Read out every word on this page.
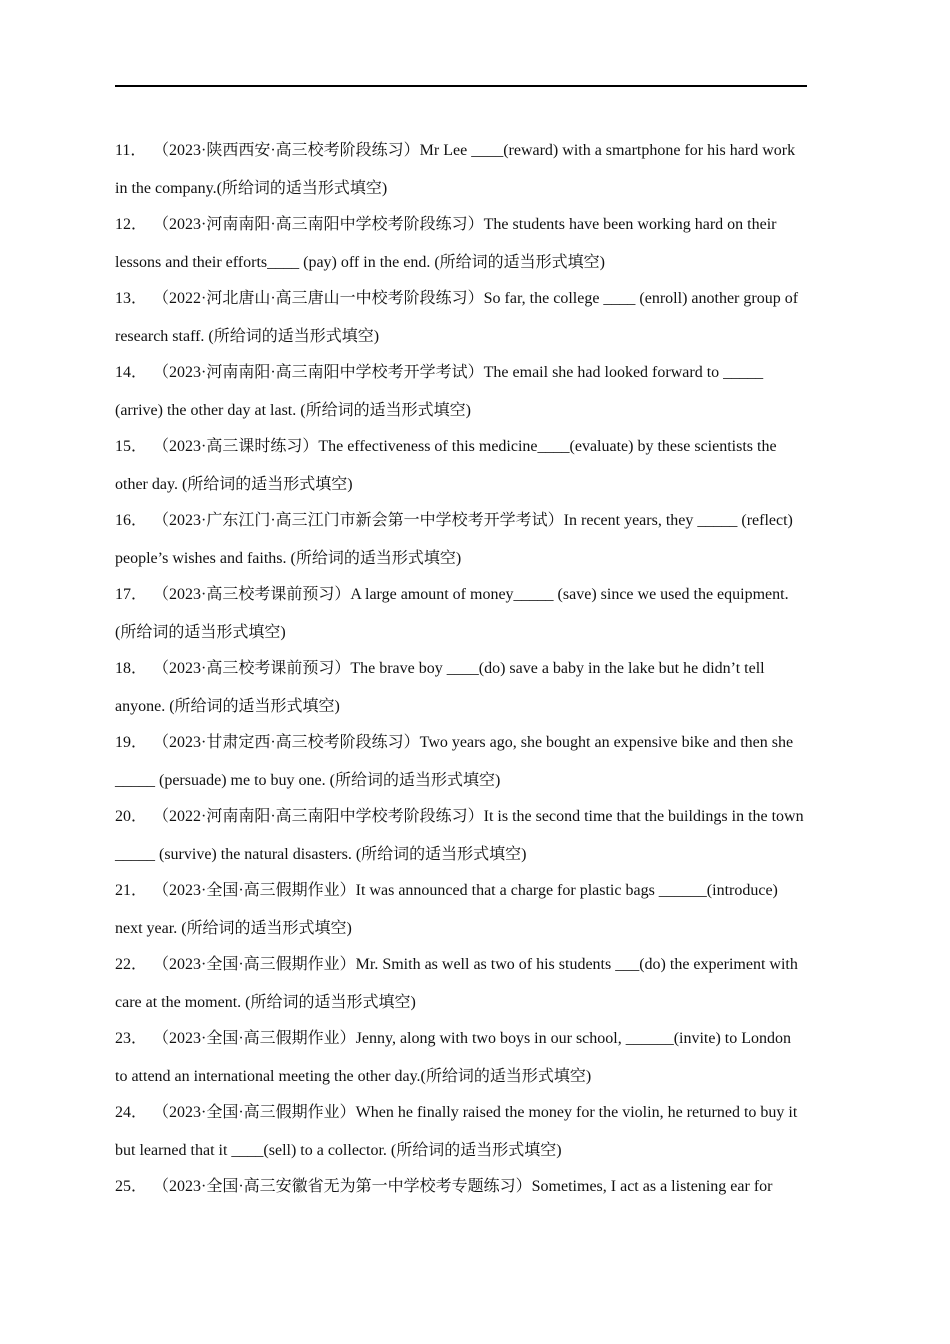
11． （2023·陕西西安·高三校考阶段练习）Mr Lee ____(reward) with a smartphone for his hard work in the company.(所给词的适当形式填空)
12． （2023·河南南阳·高三南阳中学校考阶段练习）The students have been working hard on their lessons and their efforts____ (pay) off in the end. (所给词的适当形式填空)
13． （2022·河北唐山·高三唐山一中校考阶段练习）So far, the college ____ (enroll) another group of research staff. (所给词的适当形式填空)
14． （2023·河南南阳·高三南阳中学校考开学考试）The email she had looked forward to _____ (arrive) the other day at last. (所给词的适当形式填空)
15． （2023·高三课时练习）The effectiveness of this medicine____(evaluate) by these scientists the other day. (所给词的适当形式填空)
16． （2023·广东江门·高三江门市新会第一中学校考开学考试）In recent years, they _____ (reflect) people’s wishes and faiths. (所给词的适当形式填空)
17． （2023·高三校考课前预习）A large amount of money_____ (save) since we used the equipment. (所给词的适当形式填空)
18． （2023·高三校考课前预习）The brave boy ____(do) save a baby in the lake but he didn’t tell anyone. (所给词的适当形式填空)
19． （2023·甘肃定西·高三校考阶段练习）Two years ago, she bought an expensive bike and then she _____ (persuade) me to buy one. (所给词的适当形式填空)
20． （2022·河南南阳·高三南阳中学校考阶段练习）It is the second time that the buildings in the town _____ (survive) the natural disasters. (所给词的适当形式填空)
21． （2023·全国·高三假期作业）It was announced that a charge for plastic bags ______(introduce) next year. (所给词的适当形式填空)
22． （2023·全国·高三假期作业）Mr. Smith as well as two of his students ___(do) the experiment with care at the moment. (所给词的适当形式填空)
23． （2023·全国·高三假期作业）Jenny, along with two boys in our school, ______(invite) to London to attend an international meeting the other day.(所给词的适当形式填空)
24． （2023·全国·高三假期作业）When he finally raised the money for the violin, he returned to buy it but learned that it ____(sell) to a collector. (所给词的适当形式填空)
25． （2023·全国·高三安徽省无为第一中学校考专题练习）Sometimes, I act as a listening ear for
